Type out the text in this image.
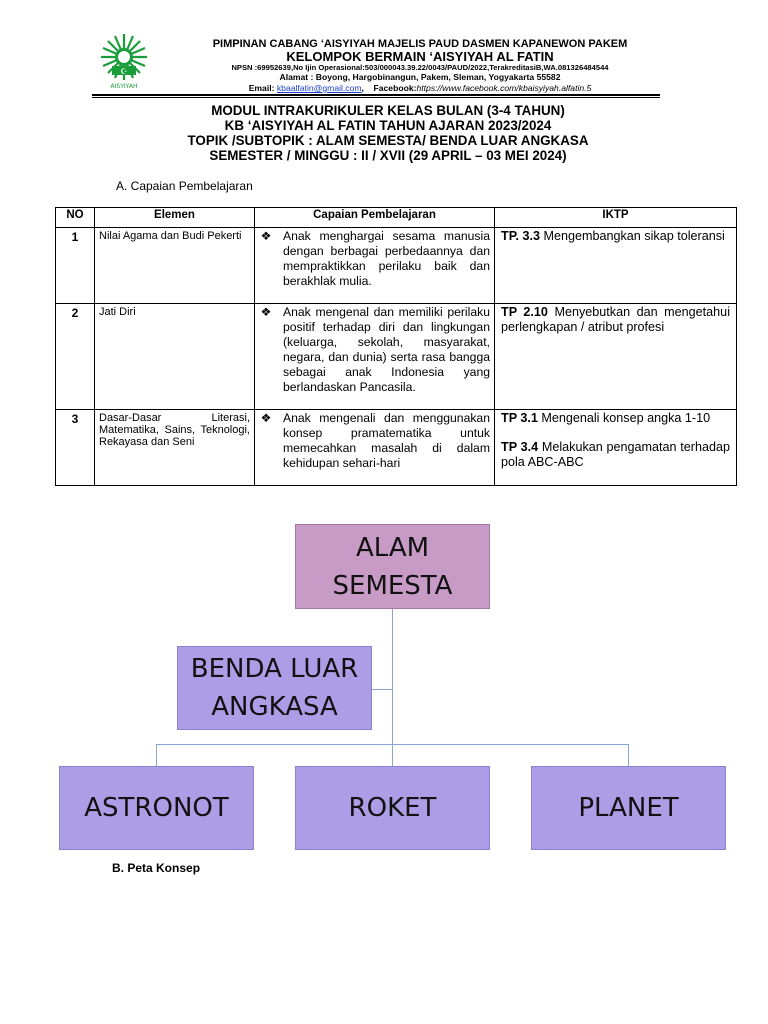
☪
AISYIYAH
PIMPINAN CABANG ‘AISYIYAH MAJELIS PAUD DASMEN KAPANEWON PAKEM
KELOMPOK BERMAIN ‘AISYIYAH AL FATIN
NPSN :69952639,No Ijin Operasional:503/000043.39.22/0043/PAUD/2022,TerakreditasiB,WA.081326484544
Alamat : Boyong, Hargobinangun, Pakem, Sleman, Yogyakarta 55582
Email: kbaalfatin@gmail.com, Facebook:https://www.facebook.com/kbaisyiyah.alfatin.5
MODUL INTRAKURIKULER KELAS BULAN (3-4 TAHUN)
KB ‘AISYIYAH AL FATIN TAHUN AJARAN 2023/2024
TOPIK /SUBTOPIK : ALAM SEMESTA/ BENDA LUAR ANGKASA
SEMESTER / MINGGU : II / XVII (29 APRIL – 03 MEI 2024)
A. Capaian Pembelajaran
NO	Elemen	Capaian Pembelajaran	IKTP
1	Nilai Agama dan Budi Pekerti	❖ Anak menghargai sesama manusia dengan berbagai perbedaannya dan mempraktikkan perilaku baik dan berakhlak mulia.	TP. 3.3 Mengembangkan sikap toleransi
2	Jati Diri	❖ Anak mengenal dan memiliki perilaku positif terhadap diri dan lingkungan (keluarga, sekolah, masyarakat, negara, dan dunia) serta rasa bangga sebagai anak Indonesia yang berlandaskan Pancasila.	TP 2.10 Menyebutkan dan mengetahui perlengkapan / atribut profesi
3	Dasar-Dasar Literasi, Matematika, Sains, Teknologi, Rekayasa dan Seni	❖ Anak mengenali dan menggunakan konsep pramatematika untuk memecahkan masalah di dalam kehidupan sehari-hari	TP 3.1 Mengenali konsep angka 1-10
TP 3.4 Melakukan pengamatan terhadap pola ABC-ABC
ALAM SEMESTA
BENDA LUAR ANGKASA
ASTRONOT	ROKET	PLANET
B. Peta Konsep
